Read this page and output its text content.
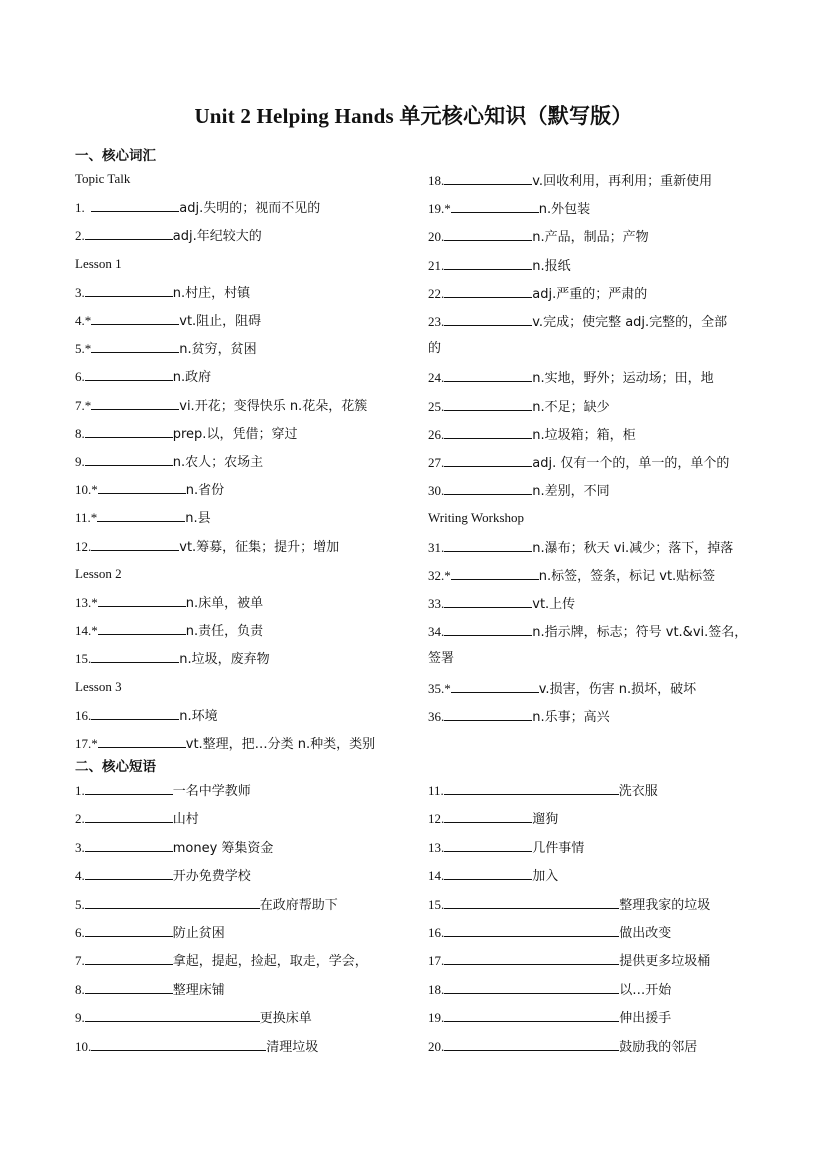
Unit 2 Helping Hands 单元核心知识（默写版）
一、核心词汇
Topic Talk
1.	adj.失明的；视而不见的
2.	adj.年纪较大的
Lesson 1
3.	n.村庄，村镇
4.*	vt.阻止，阻碍
5.*	n.贫穷，贫困
6.	n.政府
7.*	vi.开花；变得快乐 n.花朵，花簇
8.	prep.以，凭借；穿过
9.	n.农人；农场主
10.*	n.省份
11.*	n.县
12.	vt.筹募，征集；提升；增加
Lesson 2
13.*	n.床单，被单
14.*	n.责任，负责
15.	n.垃圾，废弃物
Lesson 3
16.	n.环境
17.*	vt.整理，把…分类 n.种类，类别
18.	v.回收利用，再利用；重新使用
19.*	n.外包装
20.	n.产品，制品；产物
21.	n.报纸
22.	adj.严重的；严肃的
23.	v.完成；使完整 adj.完整的，全部
的
24.	n.实地，野外；运动场；田，地
25.	n.不足；缺少
26.	n.垃圾箱；箱，柜
27.	adj. 仅有一个的，单一的，单个的
30.	n.差别，不同
Writing Workshop
31.	n.瀑布；秋天 vi.减少；落下，掉落
32.*	n.标签，签条，标记 vt.贴标签
33.	vt.上传
34.	n.指示牌，标志；符号 vt.&vi.签名，
签署
35.*	v.损害，伤害 n.损坏，破坏
36.	n.乐事；高兴
二、核心短语
1.	一名中学教师
2.	山村
3.	money 筹集资金
4.	开办免费学校
5.	在政府帮助下
6.	防止贫困
7.	拿起，提起，捡起，取走，学会，
8.	整理床铺
9.	更换床单
10.	清理垃圾
11.	洗衣服
12.	遛狗
13.	几件事情
14.	加入
15.	整理我家的垃圾
16.	做出改变
17.	提供更多垃圾桶
18.	以…开始
19.	伸出援手
20.	鼓励我的邻居
